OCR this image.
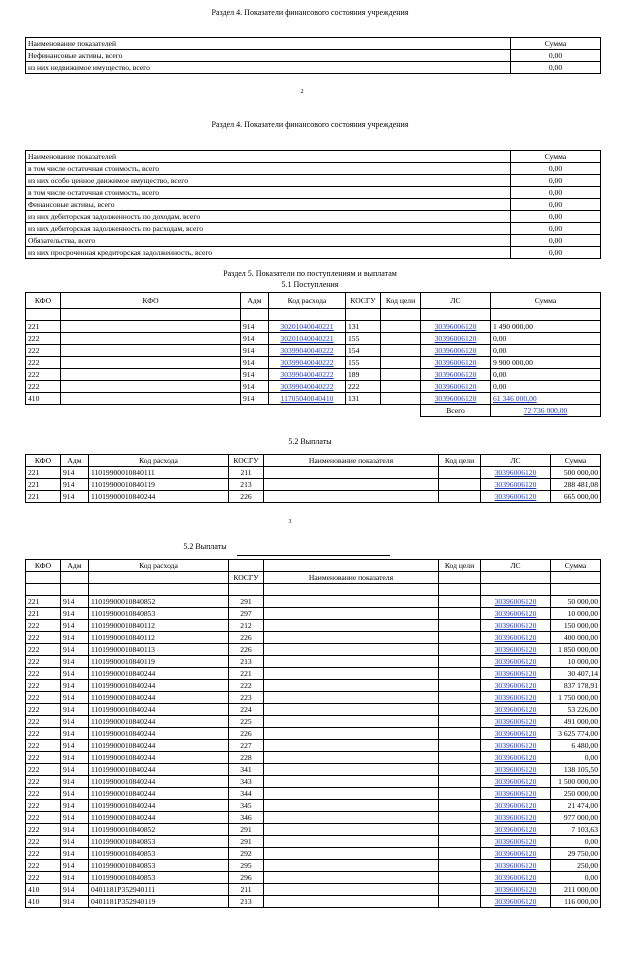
Раздел 4. Показатели финансового состояния учреждения
Наименование показателей	Сумма
Нефинансовые активы, всего	0,00
из них недвижимое имущество, всего	0,00
2
Раздел 4. Показатели финансового состояния учреждения
Наименование показателей	Сумма
в том числе остаточная стоимость, всего	0,00
из них особо ценное движимое имущество, всего	0,00
в том числе остаточная стоимость, всего	0,00
Финансовые активы, всего	0,00
из них дебиторская задолженность по доходам, всего	0,00
из них дебиторская задолженность по расходам, всего	0,00
Обязательства, всего	0,00
из них просроченная кредиторская задолженность, всего	0,00
Раздел 5. Показатели по поступлениям и выплатам
5.1 Поступления
КФО	КФО	Адм	Код расхода	КОСГУ	Код цели	ЛС	Сумма

221		914	30201040040221	131		30396006120	1 490 000,00
222		914	30201040040221	155		30396006120	0,00
222		914	30399040040222	154		30396006120	0,00
222		914	30399040040222	155		30396006120	9 900 000,00
222		914	30399040040222	189		30396006120	0,00
222		914	30399040040222	222		30396006120	0,00
410		914	11705040040410	131		30396006120	61 346 000,00
						Всего	72 736 000,00
5.2 Выплаты
КФО	Адм	Код расхода	КОСГУ	Наименование показателя	Код цели	ЛС	Сумма
221	914	11019900010840111	211			30396006120	500 000,00
221	914	11019900010840119	213			30396006120	288 481,08
221	914	11019900010840244	226			30396006120	665 000,00
3
5.2 Выплаты
КФО	Адм	Код расхода			Код цели	ЛС	Сумма
			КОСГУ	Наименование показателя			

221	914	11019900010840852	291			30396006120	50 000,00
221	914	11019900010840853	297			30396006120	10 000,00
222	914	11019900010840112	212			30396006120	150 000,00
222	914	11019900010840112	226			30396006120	400 000,00
222	914	11019900010840113	226			30396006120	1 850 000,00
222	914	11019900010840119	213			30396006120	10 000,00
222	914	11019900010840244	221			30396006120	30 407,14
222	914	11019900010840244	222			30396006120	837 178,91
222	914	11019900010840244	223			30396006120	1 750 000,00
222	914	11019900010840244	224			30396006120	53 226,00
222	914	11019900010840244	225			30396006120	491 000,00
222	914	11019900010840244	226			30396006120	3 625 774,00
222	914	11019900010840244	227			30396006120	6 480,00
222	914	11019900010840244	228			30396006120	0,00
222	914	11019900010840244	341			30396006120	138 105,50
222	914	11019900010840244	343			30396006120	1 500 000,00
222	914	11019900010840244	344			30396006120	250 000,00
222	914	11019900010840244	345			30396006120	21 474,00
222	914	11019900010840244	346			30396006120	977 000,00
222	914	11019900010840852	291			30396006120	7 103,63
222	914	11019900010840853	291			30396006120	0,00
222	914	11019900010840853	292			30396006120	29 750,00
222	914	11019900010840853	295			30396006120	250,00
222	914	11019900010840853	296			30396006120	0,00
410	914	0401181P352940111	211			30396006120	211 000,00
410	914	0401181P352940119	213			30396006120	116 000,00
